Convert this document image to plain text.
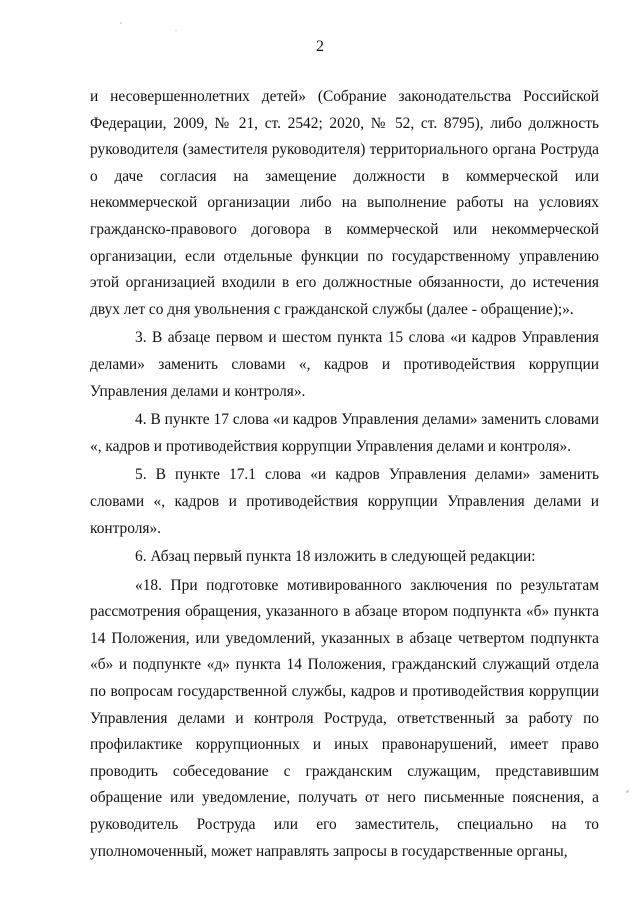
2

и несовершеннолетних детей» (Собрание законодательства Российской Федерации, 2009, № 21, ст. 2542; 2020, № 52, ст. 8795), либо должность руководителя (заместителя руководителя) территориального органа Роструда о даче согласия на замещение должности в коммерческой или некоммерческой организации либо на выполнение работы на условиях гражданско-правового договора в коммерческой или некоммерческой организации, если отдельные функции по государственному управлению этой организацией входили в его должностные обязанности, до истечения двух лет со дня увольнения с гражданской службы (далее - обращение);».

3. В абзаце первом и шестом пункта 15 слова «и кадров Управления делами» заменить словами «, кадров и противодействия коррупции Управления делами и контроля».

4. В пункте 17 слова «и кадров Управления делами» заменить словами «, кадров и противодействия коррупции Управления делами и контроля».

5. В пункте 17.1 слова «и кадров Управления делами» заменить словами «, кадров и противодействия коррупции Управления делами и контроля».

6. Абзац первый пункта 18 изложить в следующей редакции:

«18. При подготовке мотивированного заключения по результатам рассмотрения обращения, указанного в абзаце втором подпункта «б» пункта 14 Положения, или уведомлений, указанных в абзаце четвертом подпункта «б» и подпункте «д» пункта 14 Положения, гражданский служащий отдела по вопросам государственной службы, кадров и противодействия коррупции Управления делами и контроля Роструда, ответственный за работу по профилактике коррупционных и иных правонарушений, имеет право проводить собеседование с гражданским служащим, представившим обращение или уведомление, получать от него письменные пояснения, а руководитель Роструда или его заместитель, специально на то уполномоченный, может направлять запросы в государственные органы,
